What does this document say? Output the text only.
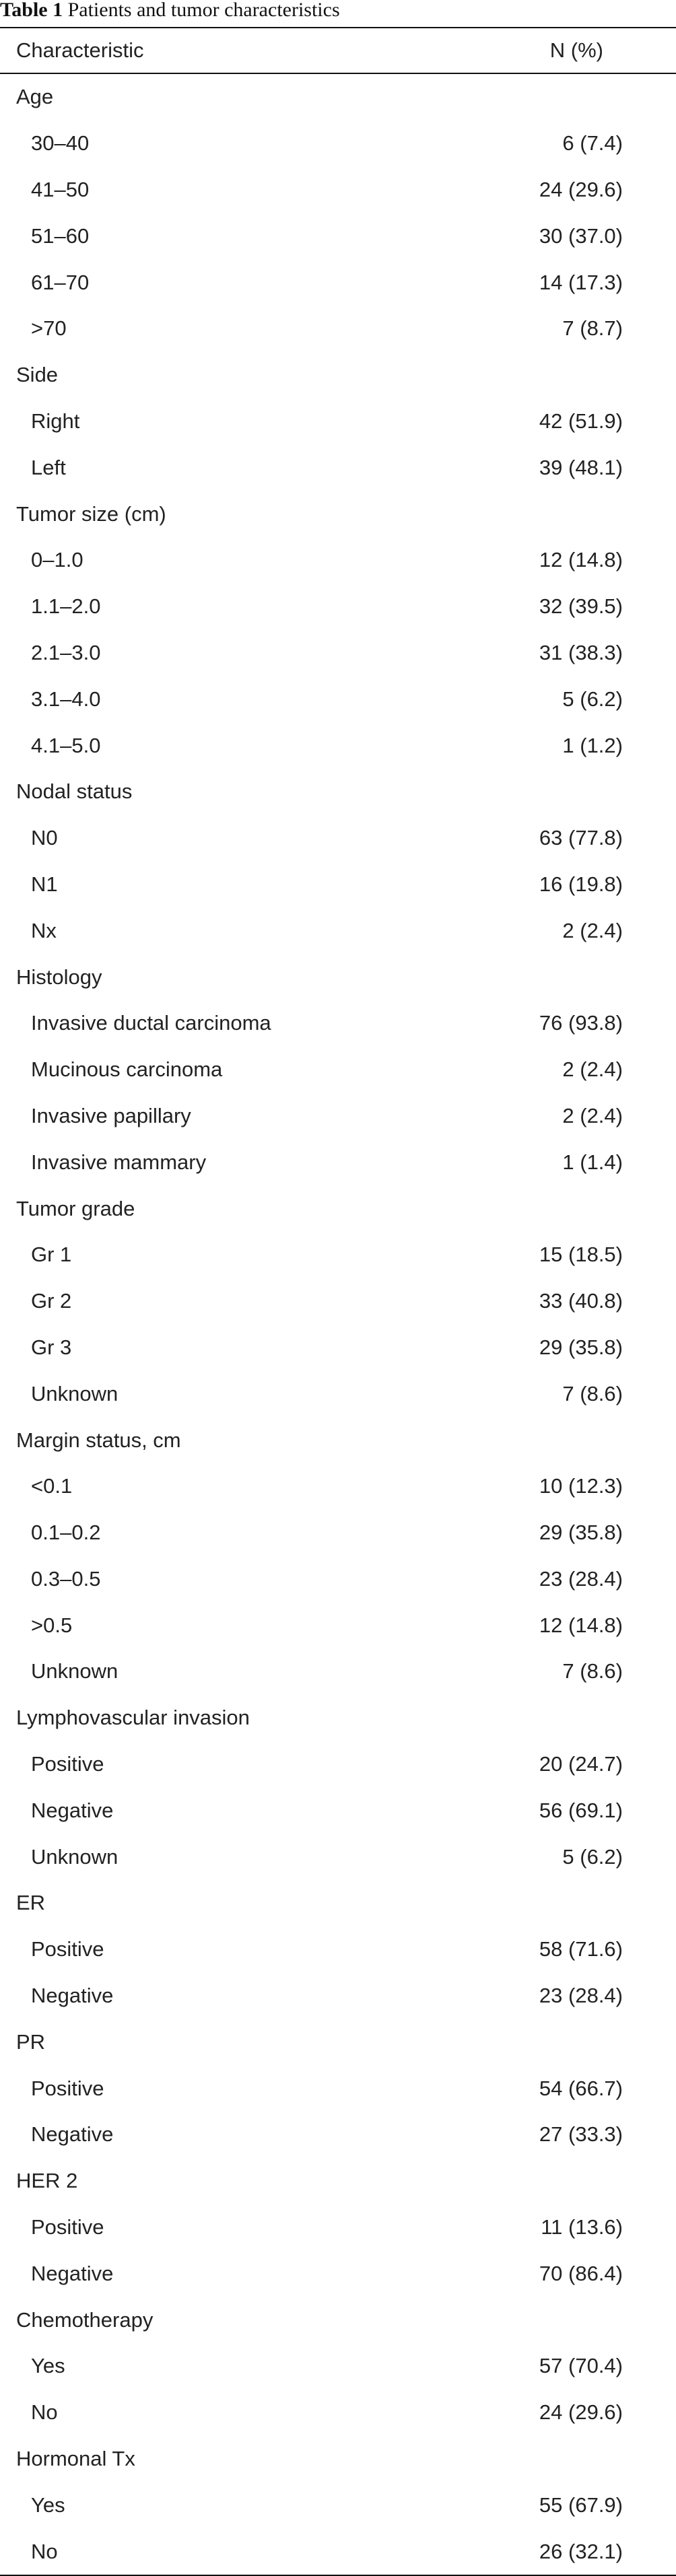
Table 1 Patients and tumor characteristics
Characteristic	N (%)
Age
30–40	6 (7.4)
41–50	24 (29.6)
51–60	30 (37.0)
61–70	14 (17.3)
>70	7 (8.7)
Side
Right	42 (51.9)
Left	39 (48.1)
Tumor size (cm)
0–1.0	12 (14.8)
1.1–2.0	32 (39.5)
2.1–3.0	31 (38.3)
3.1–4.0	5 (6.2)
4.1–5.0	1 (1.2)
Nodal status
N0	63 (77.8)
N1	16 (19.8)
Nx	2 (2.4)
Histology
Invasive ductal carcinoma	76 (93.8)
Mucinous carcinoma	2 (2.4)
Invasive papillary	2 (2.4)
Invasive mammary	1 (1.4)
Tumor grade
Gr 1	15 (18.5)
Gr 2	33 (40.8)
Gr 3	29 (35.8)
Unknown	7 (8.6)
Margin status, cm
<0.1	10 (12.3)
0.1–0.2	29 (35.8)
0.3–0.5	23 (28.4)
>0.5	12 (14.8)
Unknown	7 (8.6)
Lymphovascular invasion
Positive	20 (24.7)
Negative	56 (69.1)
Unknown	5 (6.2)
ER
Positive	58 (71.6)
Negative	23 (28.4)
PR
Positive	54 (66.7)
Negative	27 (33.3)
HER 2
Positive	11 (13.6)
Negative	70 (86.4)
Chemotherapy
Yes	57 (70.4)
No	24 (29.6)
Hormonal Tx
Yes	55 (67.9)
No	26 (32.1)
